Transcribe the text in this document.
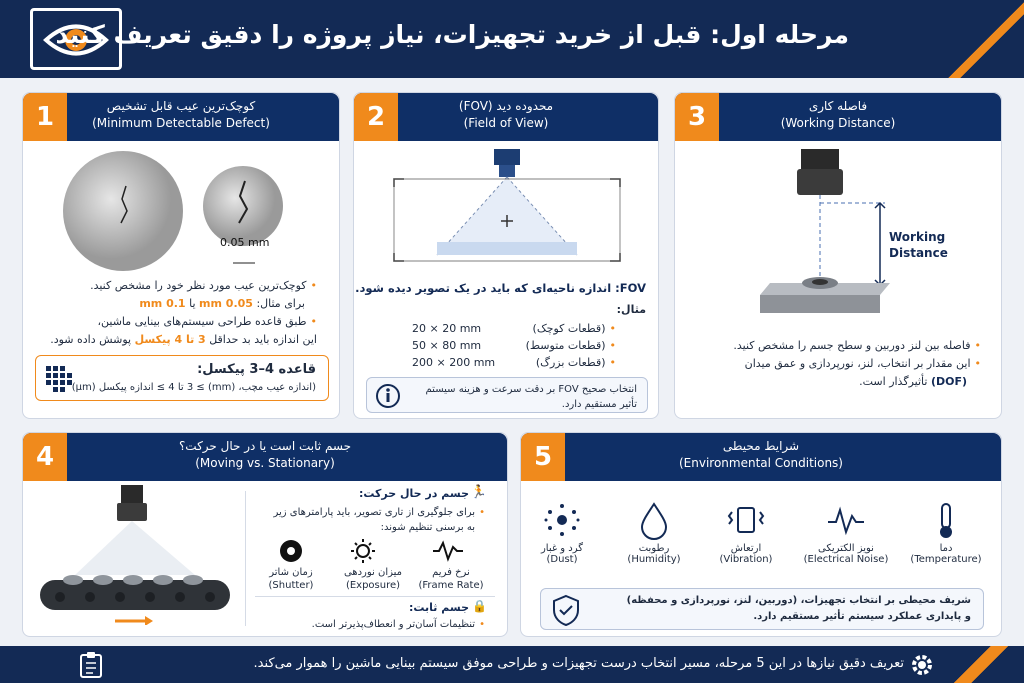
مرحله اول: قبل از خرید تجهیزات، نیاز پروژه را دقیق تعریف کنید
کوچک‌ترین عیب قابل تشخیص
(Minimum Detectable Defect)
1
0.05 mm
• کوچک‌ترین عیب مورد نظر خود را مشخص کنید.
برای مثال: 0.05 mm یا 0.1 mm
• طبق قاعده طراحی سیستم‌های بینایی ماشین،
این اندازه باید بد حداقل 3 تا 4 پیکسل پوشش داده شود.
قاعده 4–3 پیکسل:
(اندازه عیب مچب، (mm) ≥ 3 تا 4 ≥ اندازه پیکسل (µm)
محدوده دید (FOV)
(Field of View)
2
FOV: اندازه ناحیه‌ای که باید در یک تصویر دیده شود.
مثال:
• (قطعات کوچک)
20 × 20 mm
• (قطعات متوسط)
50 × 80 mm
• (قطعات بزرگ)
200 × 200 mm
انتخاب صحیح FOV بر دقت سرعت و هزینه سیستم تأثیر مستقیم دارد.
فاصله کاری
(Working Distance)
3
Working
Distance
• فاصله بین لنز دوربین و سطح جسم را مشخص کنید.
• این مقدار بر انتخاب، لنز، نورپردازی و عمق میدان
(DOF) تأثیرگذار است.
جسم ثابت است یا در حال حرکت؟
(Moving vs. Stationary)
4
جسم در حال حرکت: 🏃
• برای جلوگیری از تاری تصویر، باید پارامترهای زیر
به برسنی تنظیم شوند:
نرخ فریم
(Frame Rate)
میزان نوردهی
(Exposure)
زمان شاتر
(Shutter)
جسم ثابت: 🔒
• تنظیمات آسان‌تر و انعطاف‌پذیرتر است.
شرایط محیطی
(Environmental Conditions)
5
دما
(Temperature)
نویز الکتریکی
(Electrical Noise)
ارتعاش
(Vibration)
رطوبت
(Humidity)
گرد و غبار
(Dust)
شریف محیطی بر انتخاب تجهیزات، (دوربین، لنز، نورپردازی و محفظه)
و پایداری عملکرد سیستم تأثیر مستقیم دارد.
تعریف دقیق نیازها در این 5 مرحله، مسیر انتخاب درست تجهیزات و طراحی موفق سیستم بینایی ماشین را هموار می‌کند.
